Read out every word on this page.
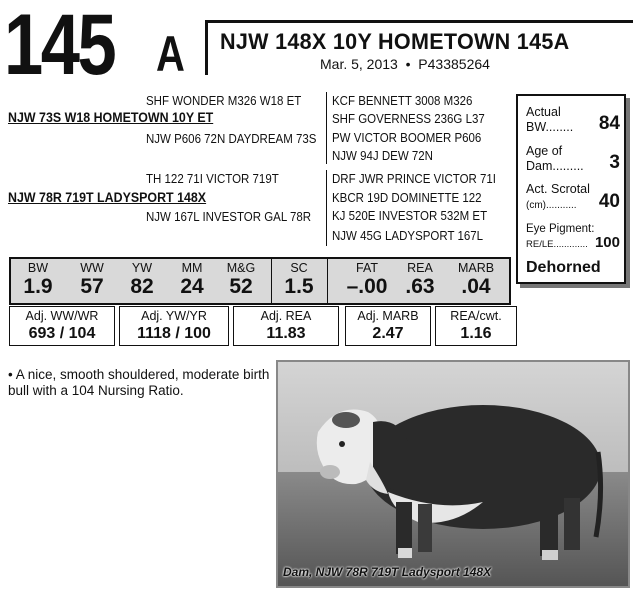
145 A NJW 148X 10Y HOMETOWN 145A
Mar. 5, 2013 • P43385264
SHF WONDER M326 W18 ET
NJW 73S W18 HOMETOWN 10Y ET
NJW P606 72N DAYDREAM 73S
KCF BENNETT 3008 M326
SHF GOVERNESS 236G L37
PW VICTOR BOOMER P606
NJW 94J DEW 72N
TH 122 71I VICTOR 719T
NJW 78R 719T LADYSPORT 148X
NJW 167L INVESTOR GAL 78R
DRF JWR PRINCE VICTOR 71I
KBCR 19D DOMINETTE 122
KJ 520E INVESTOR 532M ET
NJW 45G LADYSPORT 167L
Actual
BW........ 84
Age of
Dam......... 3
Act. Scrotal
(cm)........... 40
Eye Pigment:
RE/LE............. 100
Dehorned
BW
1.9
WW
57
YW
82
MM
24
M&G
52
SC
1.5
FAT
–.00
REA
.63
MARB
.04
Adj. WW/WR
693 / 104
Adj. YW/YR
1118 / 100
Adj. REA
11.83
Adj. MARB
2.47
REA/cwt.
1.16
• A nice, smooth shouldered, moderate birth bull with a 104 Nursing Ratio.
Dam, NJW 78R 719T Ladysport 148X
